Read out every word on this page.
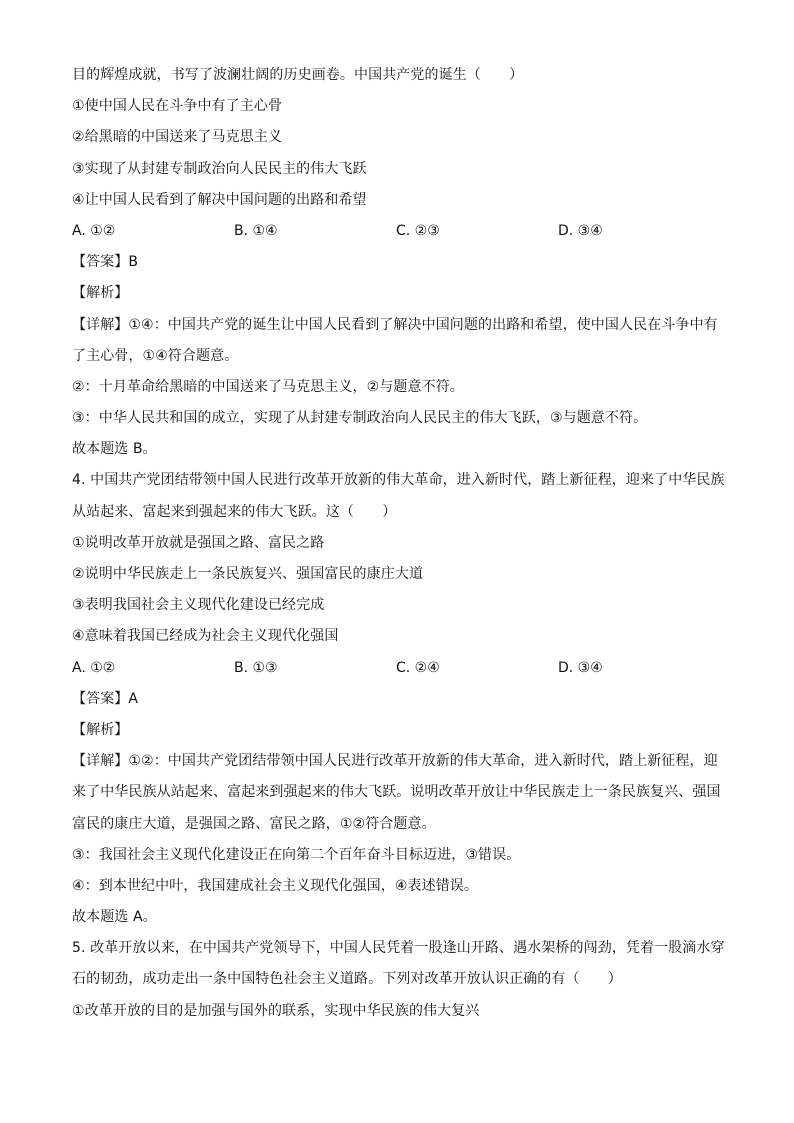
目的辉煌成就，书写了波澜壮阔的历史画卷。中国共产党的诞生（　　）
①使中国人民在斗争中有了主心骨
②给黑暗的中国送来了马克思主义
③实现了从封建专制政治向人民民主的伟大飞跃
④让中国人民看到了解决中国问题的出路和希望
A. ①②	B. ①④	C. ②③	D. ③④
【答案】B
【解析】
【详解】①④：中国共产党的诞生让中国人民看到了解决中国问题的出路和希望，使中国人民在斗争中有
了主心骨，①④符合题意。
②：十月革命给黑暗的中国送来了马克思主义，②与题意不符。
③：中华人民共和国的成立，实现了从封建专制政治向人民民主的伟大飞跃，③与题意不符。
故本题选 B。
4. 中国共产党团结带领中国人民进行改革开放新的伟大革命，进入新时代，踏上新征程，迎来了中华民族
从站起来、富起来到强起来的伟大飞跃。这（　　）
①说明改革开放就是强国之路、富民之路
②说明中华民族走上一条民族复兴、强国富民的康庄大道
③表明我国社会主义现代化建设已经完成
④意味着我国已经成为社会主义现代化强国
A. ①②	B. ①③	C. ②④	D. ③④
【答案】A
【解析】
【详解】①②：中国共产党团结带领中国人民进行改革开放新的伟大革命，进入新时代，踏上新征程，迎
来了中华民族从站起来、富起来到强起来的伟大飞跃。说明改革开放让中华民族走上一条民族复兴、强国
富民的康庄大道，是强国之路、富民之路，①②符合题意。
③：我国社会主义现代化建设正在向第二个百年奋斗目标迈进，③错误。
④：到本世纪中叶，我国建成社会主义现代化强国，④表述错误。
故本题选 A。
5. 改革开放以来，在中国共产党领导下，中国人民凭着一股逢山开路、遇水架桥的闯劲，凭着一股滴水穿
石的韧劲，成功走出一条中国特色社会主义道路。下列对改革开放认识正确的有（　　）
①改革开放的目的是加强与国外的联系，实现中华民族的伟大复兴
